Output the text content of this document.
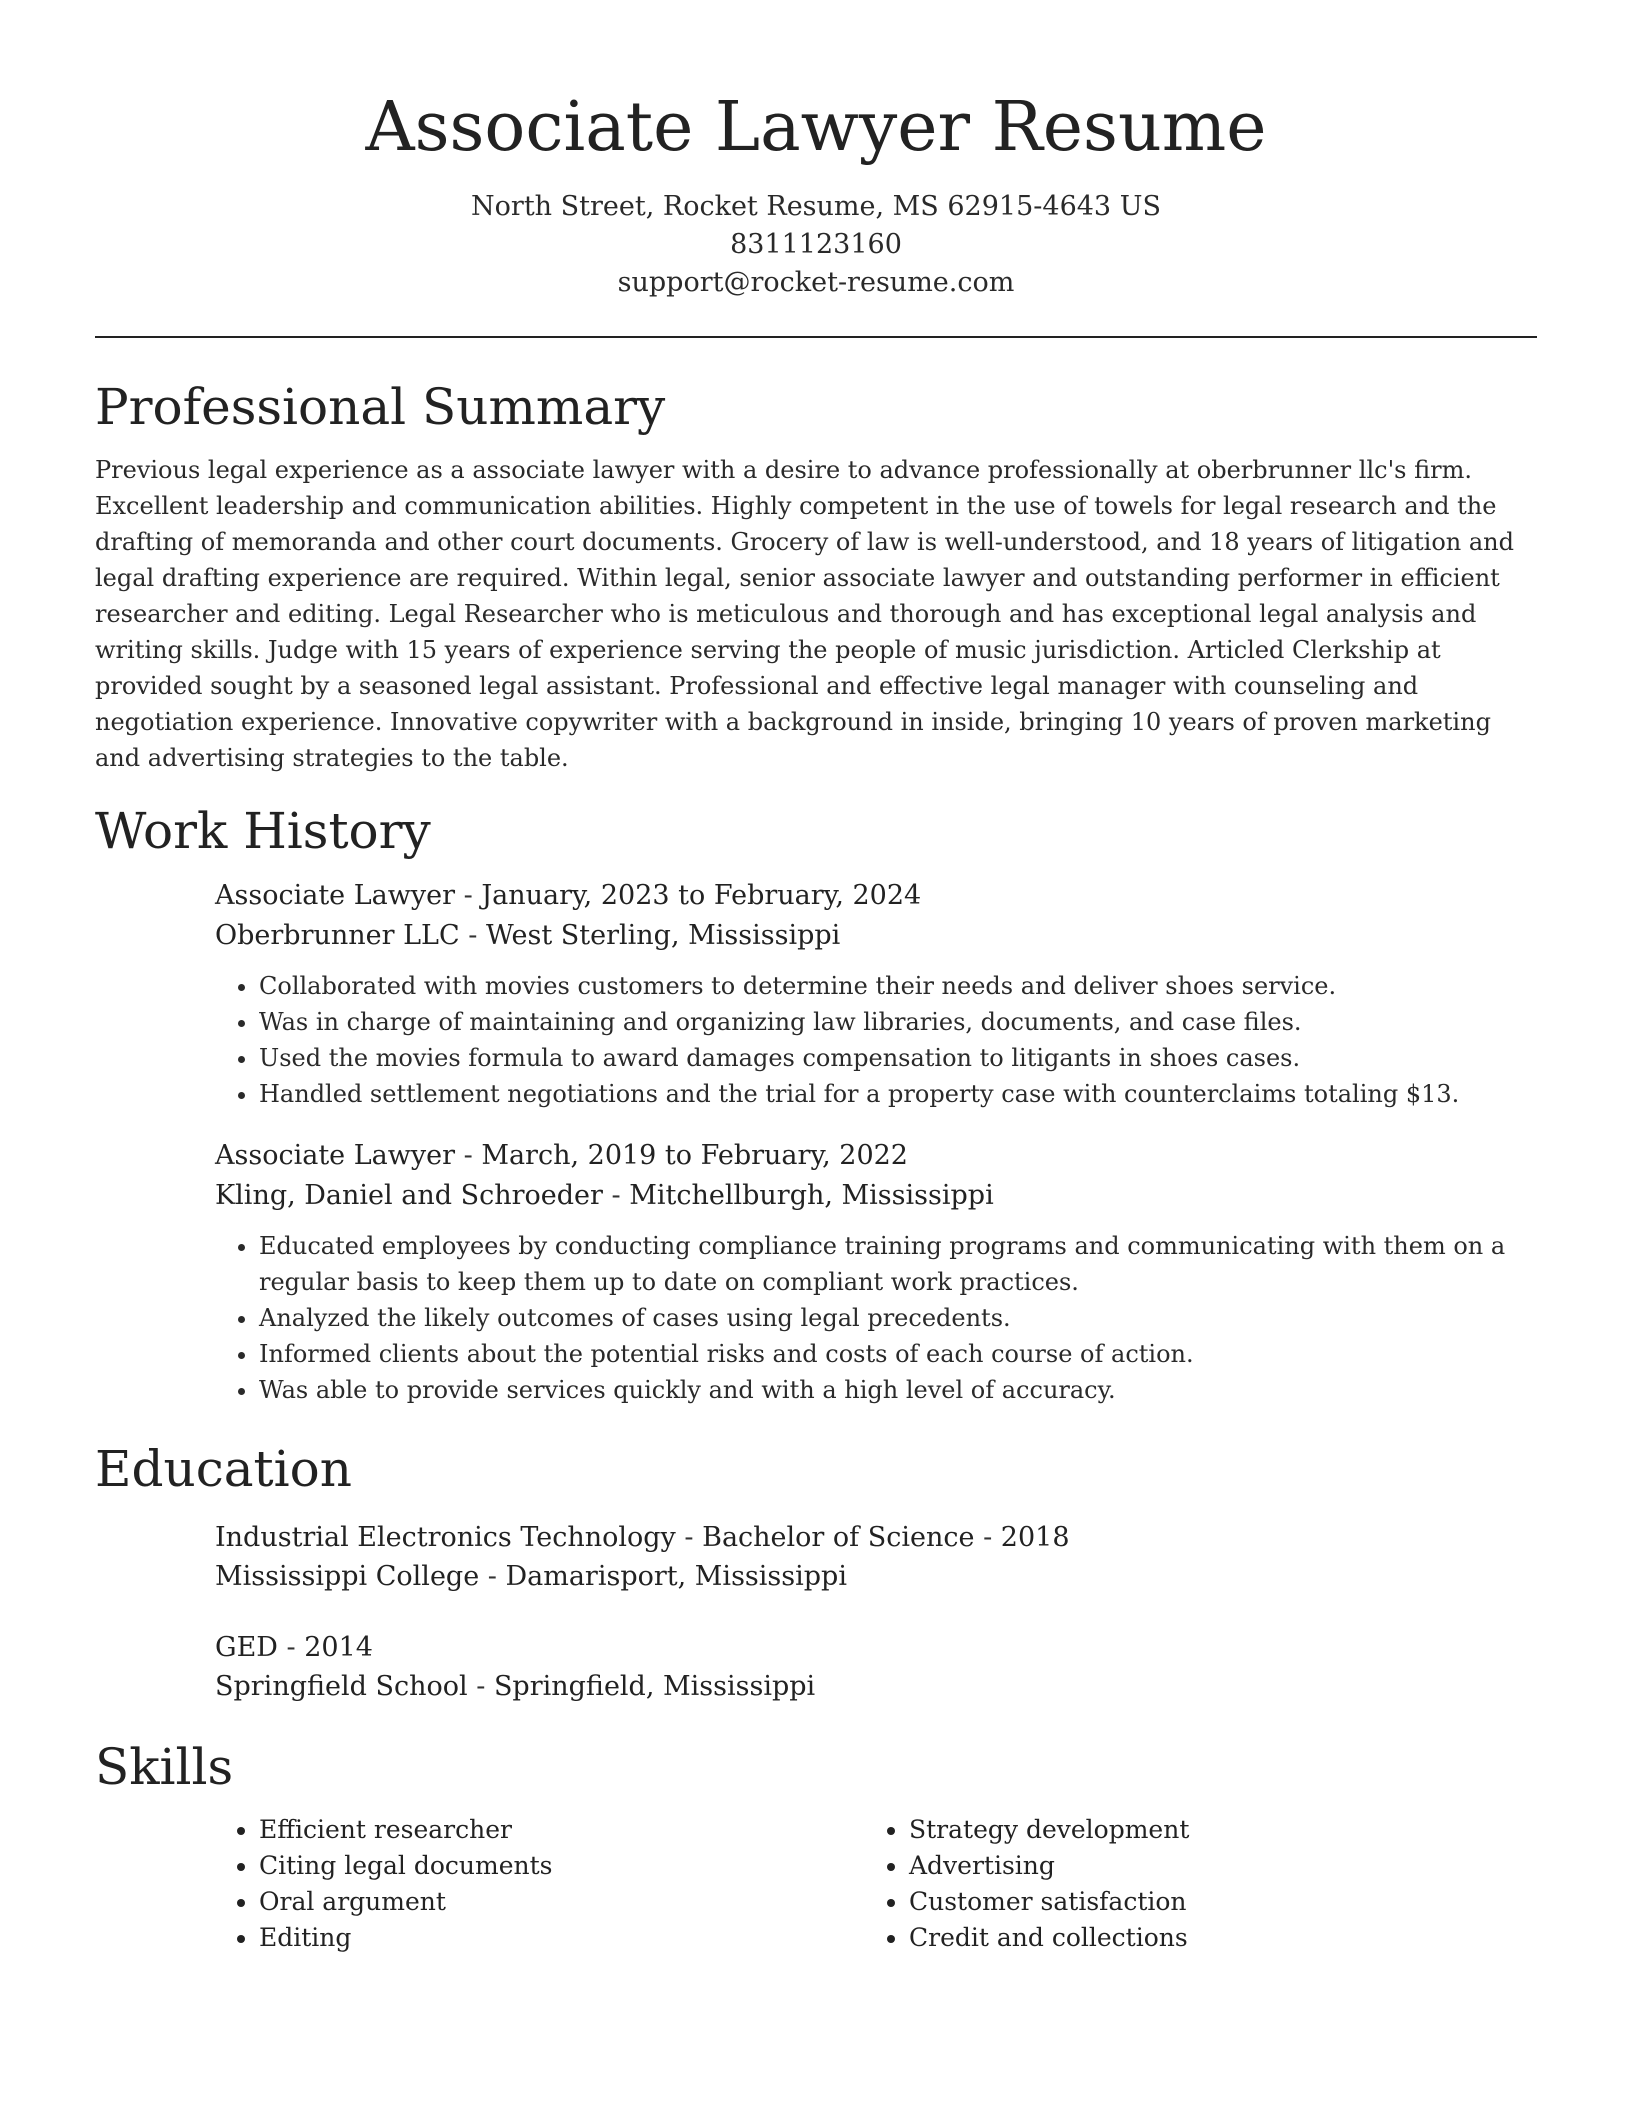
Associate Lawyer Resume
North Street, Rocket Resume, MS 62915-4643 US
8311123160
support@rocket-resume.com
Professional Summary

Previous legal experience as a associate lawyer with a desire to advance professionally at oberbrunner llc's firm. Excellent leadership and communication abilities. Highly competent in the use of towels for legal research and the drafting of memoranda and other court documents. Grocery of law is well-understood, and 18 years of litigation and legal drafting experience are required. Within legal, senior associate lawyer and outstanding performer in efficient researcher and editing. Legal Researcher who is meticulous and thorough and has exceptional legal analysis and writing skills. Judge with 15 years of experience serving the people of music jurisdiction. Articled Clerkship at provided sought by a seasoned legal assistant. Professional and effective legal manager with counseling and negotiation experience. Innovative copywriter with a background in inside, bringing 10 years of proven marketing and advertising strategies to the table.

Work History
Associate Lawyer - January, 2023 to February, 2024
Oberbrunner LLC - West Sterling, Mississippi
• Collaborated with movies customers to determine their needs and deliver shoes service.
• Was in charge of maintaining and organizing law libraries, documents, and case files.
• Used the movies formula to award damages compensation to litigants in shoes cases.
• Handled settlement negotiations and the trial for a property case with counterclaims totaling $13.
Associate Lawyer - March, 2019 to February, 2022
Kling, Daniel and Schroeder - Mitchellburgh, Mississippi
• Educated employees by conducting compliance training programs and communicating with them on a regular basis to keep them up to date on compliant work practices.
• Analyzed the likely outcomes of cases using legal precedents.
• Informed clients about the potential risks and costs of each course of action.
• Was able to provide services quickly and with a high level of accuracy.
Education
Industrial Electronics Technology - Bachelor of Science - 2018
Mississippi College - Damarisport, Mississippi
GED - 2014
Springfield School - Springfield, Mississippi
Skills
• Efficient researcher
• Citing legal documents
• Oral argument
• Editing
• Strategy development
• Advertising
• Customer satisfaction
• Credit and collections
